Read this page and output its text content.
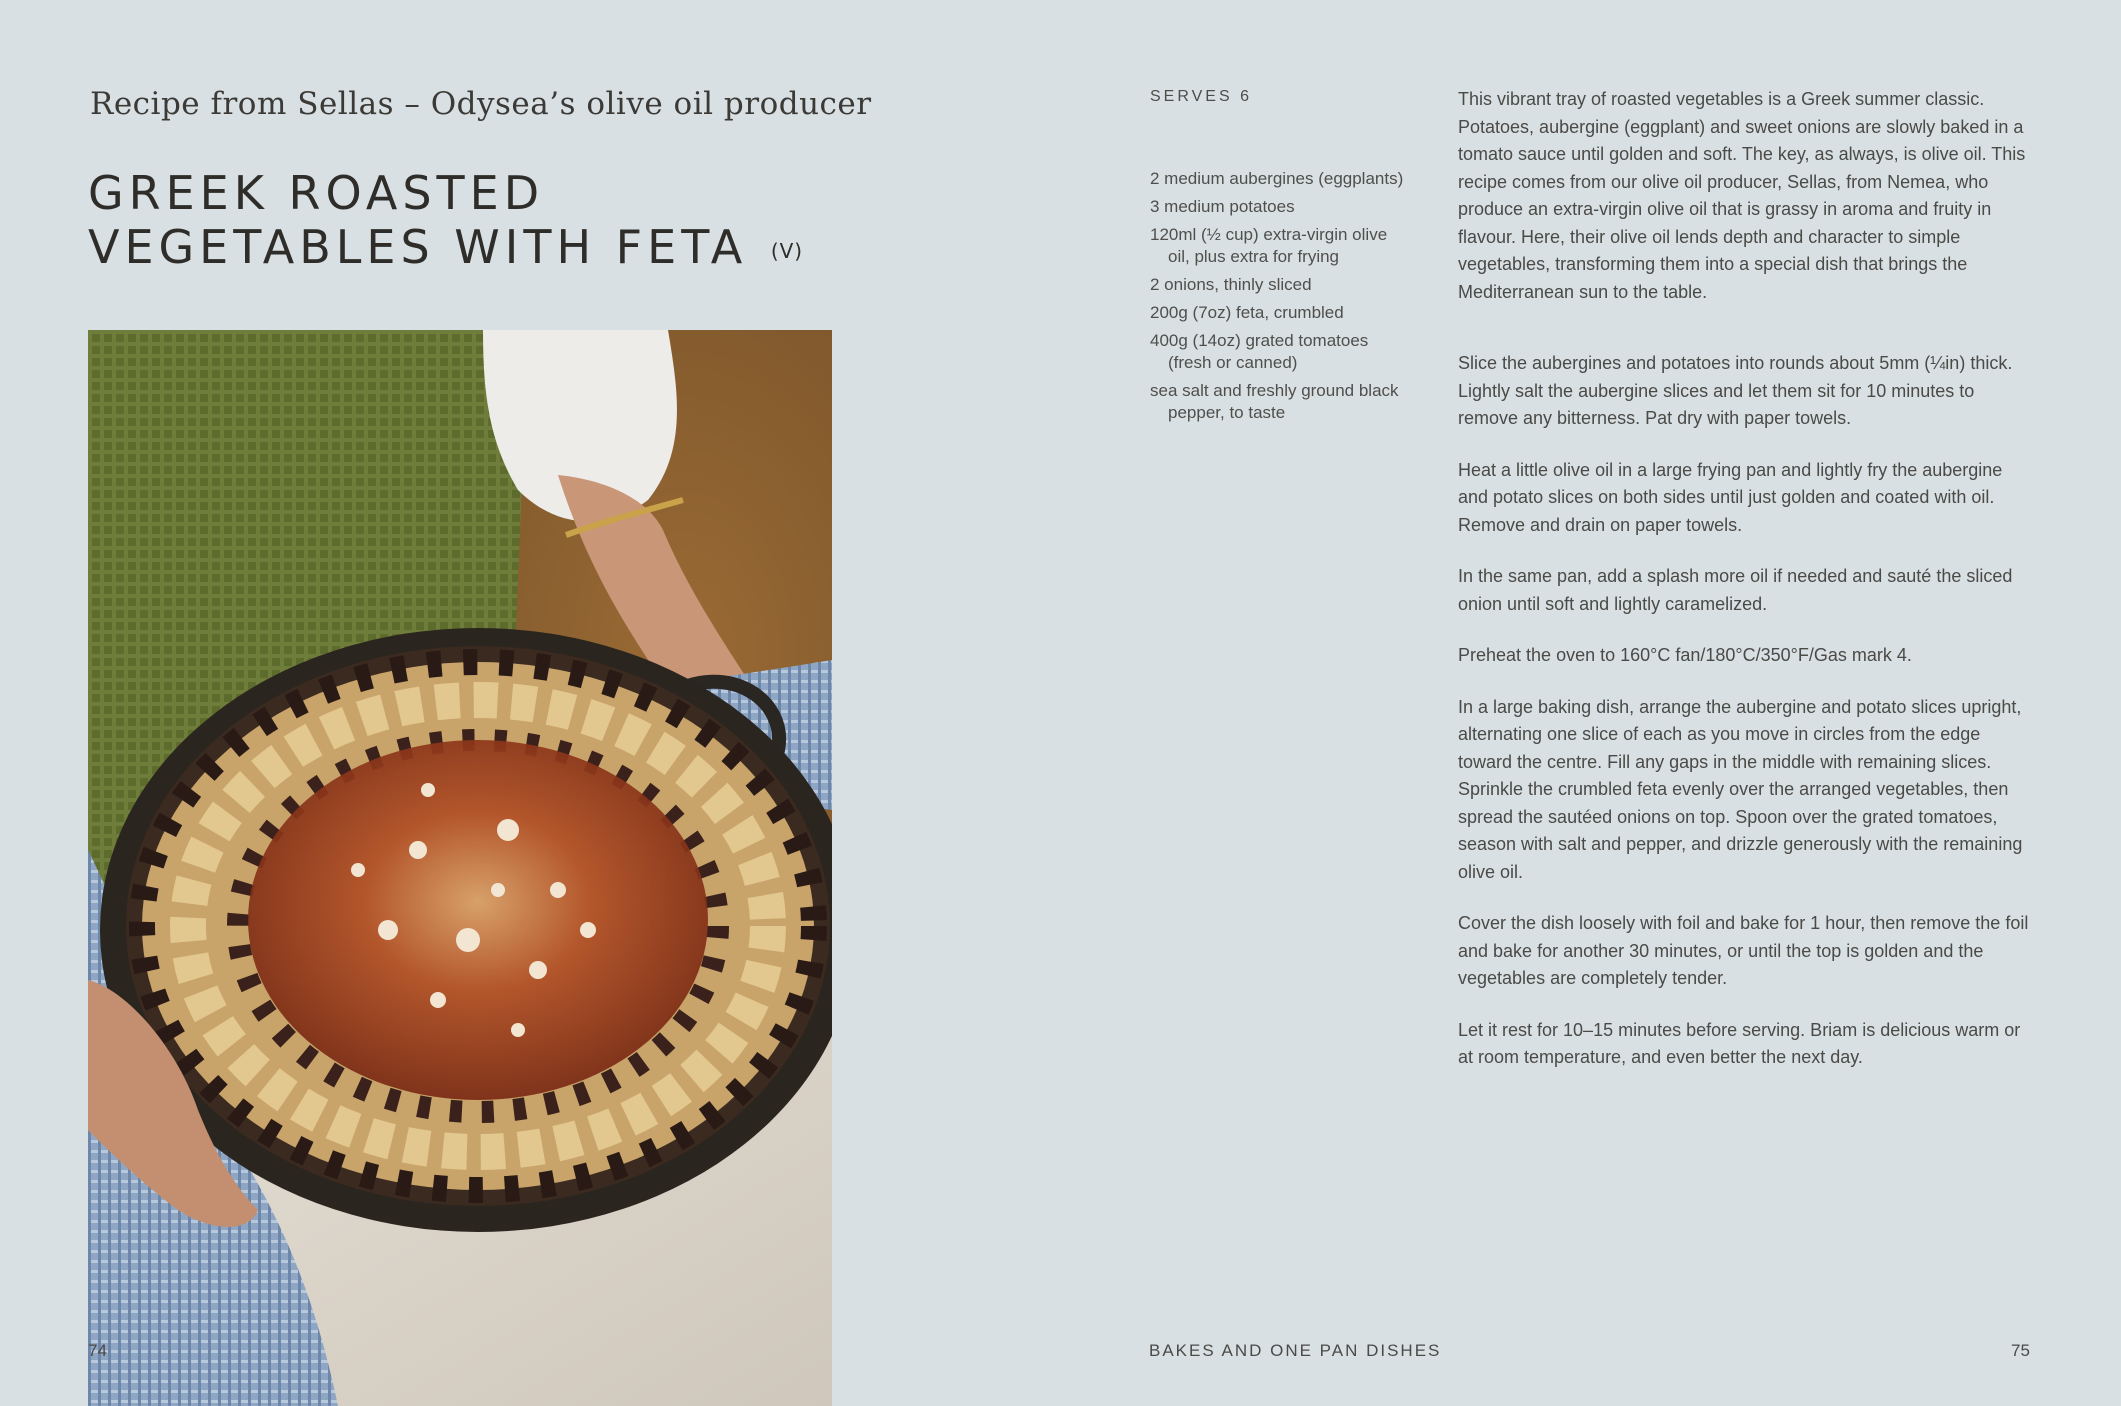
Recipe from Sellas – Odysea’s olive oil producer
GREEK ROASTED
VEGETABLES WITH FETA (V)
SERVES 6
2 medium aubergines (eggplants)
3 medium potatoes
120ml (½ cup) extra-virgin olive oil, plus extra for frying
2 onions, thinly sliced
200g (7oz) feta, crumbled
400g (14oz) grated tomatoes (fresh or canned)
sea salt and freshly ground black pepper, to taste

This vibrant tray of roasted vegetables is a Greek summer classic. Potatoes, aubergine (eggplant) and sweet onions are slowly baked in a tomato sauce until golden and soft. The key, as always, is olive oil. This recipe comes from our olive oil producer, Sellas, from Nemea, who produce an extra-virgin olive oil that is grassy in aroma and fruity in flavour. Here, their olive oil lends depth and character to simple vegetables, transforming them into a special dish that brings the Mediterranean sun to the table.

Slice the aubergines and potatoes into rounds about 5mm (¼in) thick. Lightly salt the aubergine slices and let them sit for 10 minutes to remove any bitterness. Pat dry with paper towels.

Heat a little olive oil in a large frying pan and lightly fry the aubergine and potato slices on both sides until just golden and coated with oil. Remove and drain on paper towels.

In the same pan, add a splash more oil if needed and sauté the sliced onion until soft and lightly caramelized.

Preheat the oven to 160°C fan/180°C/350°F/Gas mark 4.

In a large baking dish, arrange the aubergine and potato slices upright, alternating one slice of each as you move in circles from the edge toward the centre. Fill any gaps in the middle with remaining slices. Sprinkle the crumbled feta evenly over the arranged vegetables, then spread the sautéed onions on top. Spoon over the grated tomatoes, season with salt and pepper, and drizzle generously with the remaining olive oil.

Cover the dish loosely with foil and bake for 1 hour, then remove the foil and bake for another 30 minutes, or until the top is golden and the vegetables are completely tender.

Let it rest for 10–15 minutes before serving. Briam is delicious warm or at room temperature, and even better the next day.

74	BAKES AND ONE PAN DISHES	75
